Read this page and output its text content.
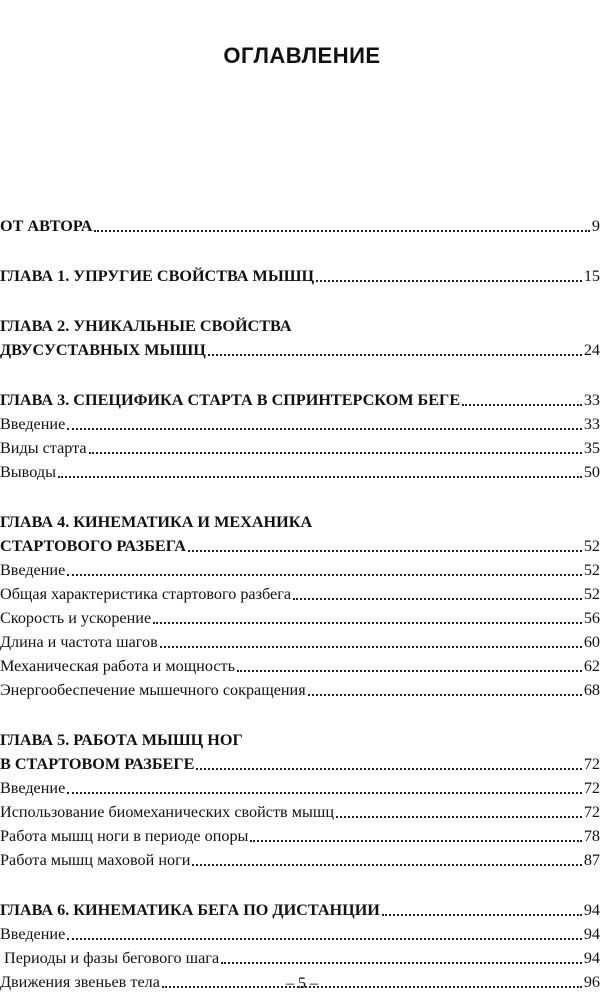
ОГЛАВЛЕНИЕ
ОТ АВТОРА	9
ГЛАВА 1. УПРУГИЕ СВОЙСТВА МЫШЦ	15
ГЛАВА 2. УНИКАЛЬНЫЕ СВОЙСТВА
ДВУСУСТАВНЫХ МЫШЦ	24
ГЛАВА 3. СПЕЦИФИКА СТАРТА В СПРИНТЕРСКОМ БЕГЕ	33
Введение	33
Виды старта	35
Выводы	50
ГЛАВА 4. КИНЕМАТИКА И МЕХАНИКА
СТАРТОВОГО РАЗБЕГА	52
Введение	52
Общая характеристика стартового разбега	52
Скорость и ускорение	56
Длина и частота шагов	60
Механическая работа и мощность	62
Энергообеспечение мышечного сокращения	68
ГЛАВА 5. РАБОТА МЫШЦ НОГ
В СТАРТОВОМ РАЗБЕГЕ	72
Введение	72
Использование биомеханических свойств мышц	72
Работа мышц ноги в периоде опоры	78
Работа мышц маховой ноги	87
ГЛАВА 6. КИНЕМАТИКА БЕГА ПО ДИСТАНЦИИ	94
Введение	94
Периоды и фазы бегового шага	94
Движения звеньев тела	96
– 5 –
